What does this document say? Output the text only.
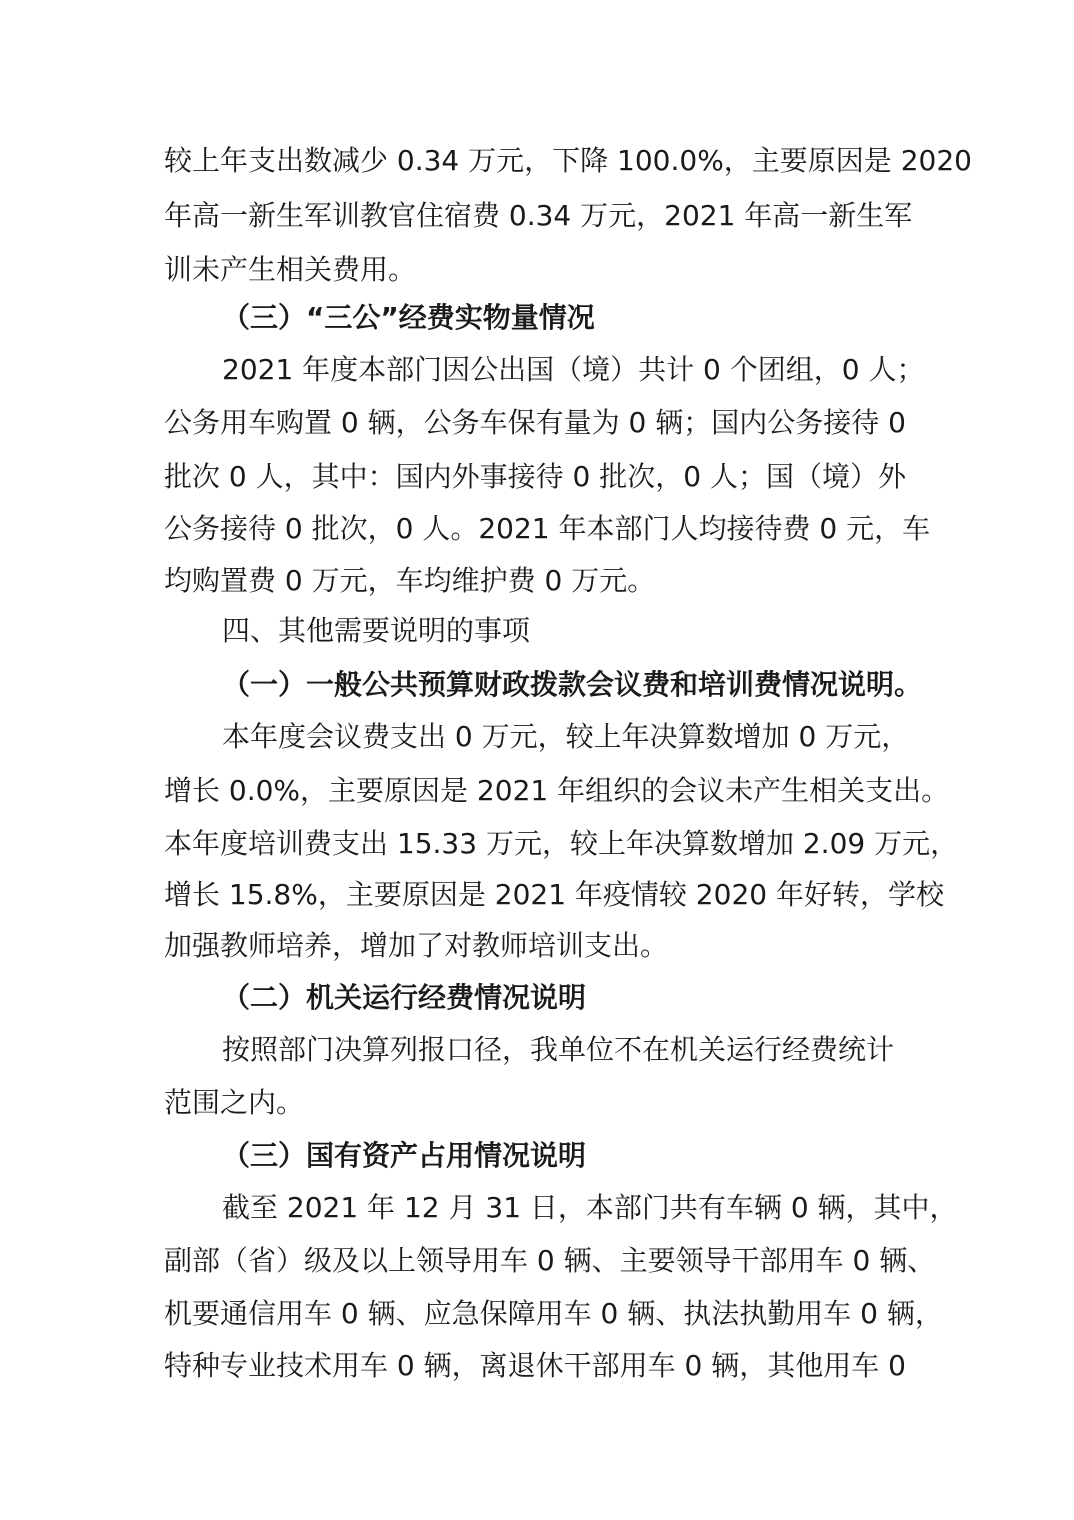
较上年支出数减少 0.34 万元，下降 100.0%，主要原因是 2020
年高一新生军训教官住宿费 0.34 万元，2021 年高一新生军
训未产生相关费用。
（三）“三公”经费实物量情况
2021 年度本部门因公出国（境）共计 0 个团组，0 人；
公务用车购置 0 辆，公务车保有量为 0 辆；国内公务接待 0
批次 0 人，其中：国内外事接待 0 批次，0 人；国（境）外
公务接待 0 批次，0 人。2021 年本部门人均接待费 0 元，车
均购置费 0 万元，车均维护费 0 万元。
四、其他需要说明的事项
（一）一般公共预算财政拨款会议费和培训费情况说明。
本年度会议费支出 0 万元，较上年决算数增加 0 万元，
增长 0.0%，主要原因是 2021 年组织的会议未产生相关支出。
本年度培训费支出 15.33 万元，较上年决算数增加 2.09 万元，
增长 15.8%，主要原因是 2021 年疫情较 2020 年好转，学校
加强教师培养，增加了对教师培训支出。
（二）机关运行经费情况说明
按照部门决算列报口径，我单位不在机关运行经费统计
范围之内。
（三）国有资产占用情况说明
截至 2021 年 12 月 31 日，本部门共有车辆 0 辆，其中，
副部（省）级及以上领导用车 0 辆、主要领导干部用车 0 辆、
机要通信用车 0 辆、应急保障用车 0 辆、执法执勤用车 0 辆，
特种专业技术用车 0 辆，离退休干部用车 0 辆，其他用车 0
